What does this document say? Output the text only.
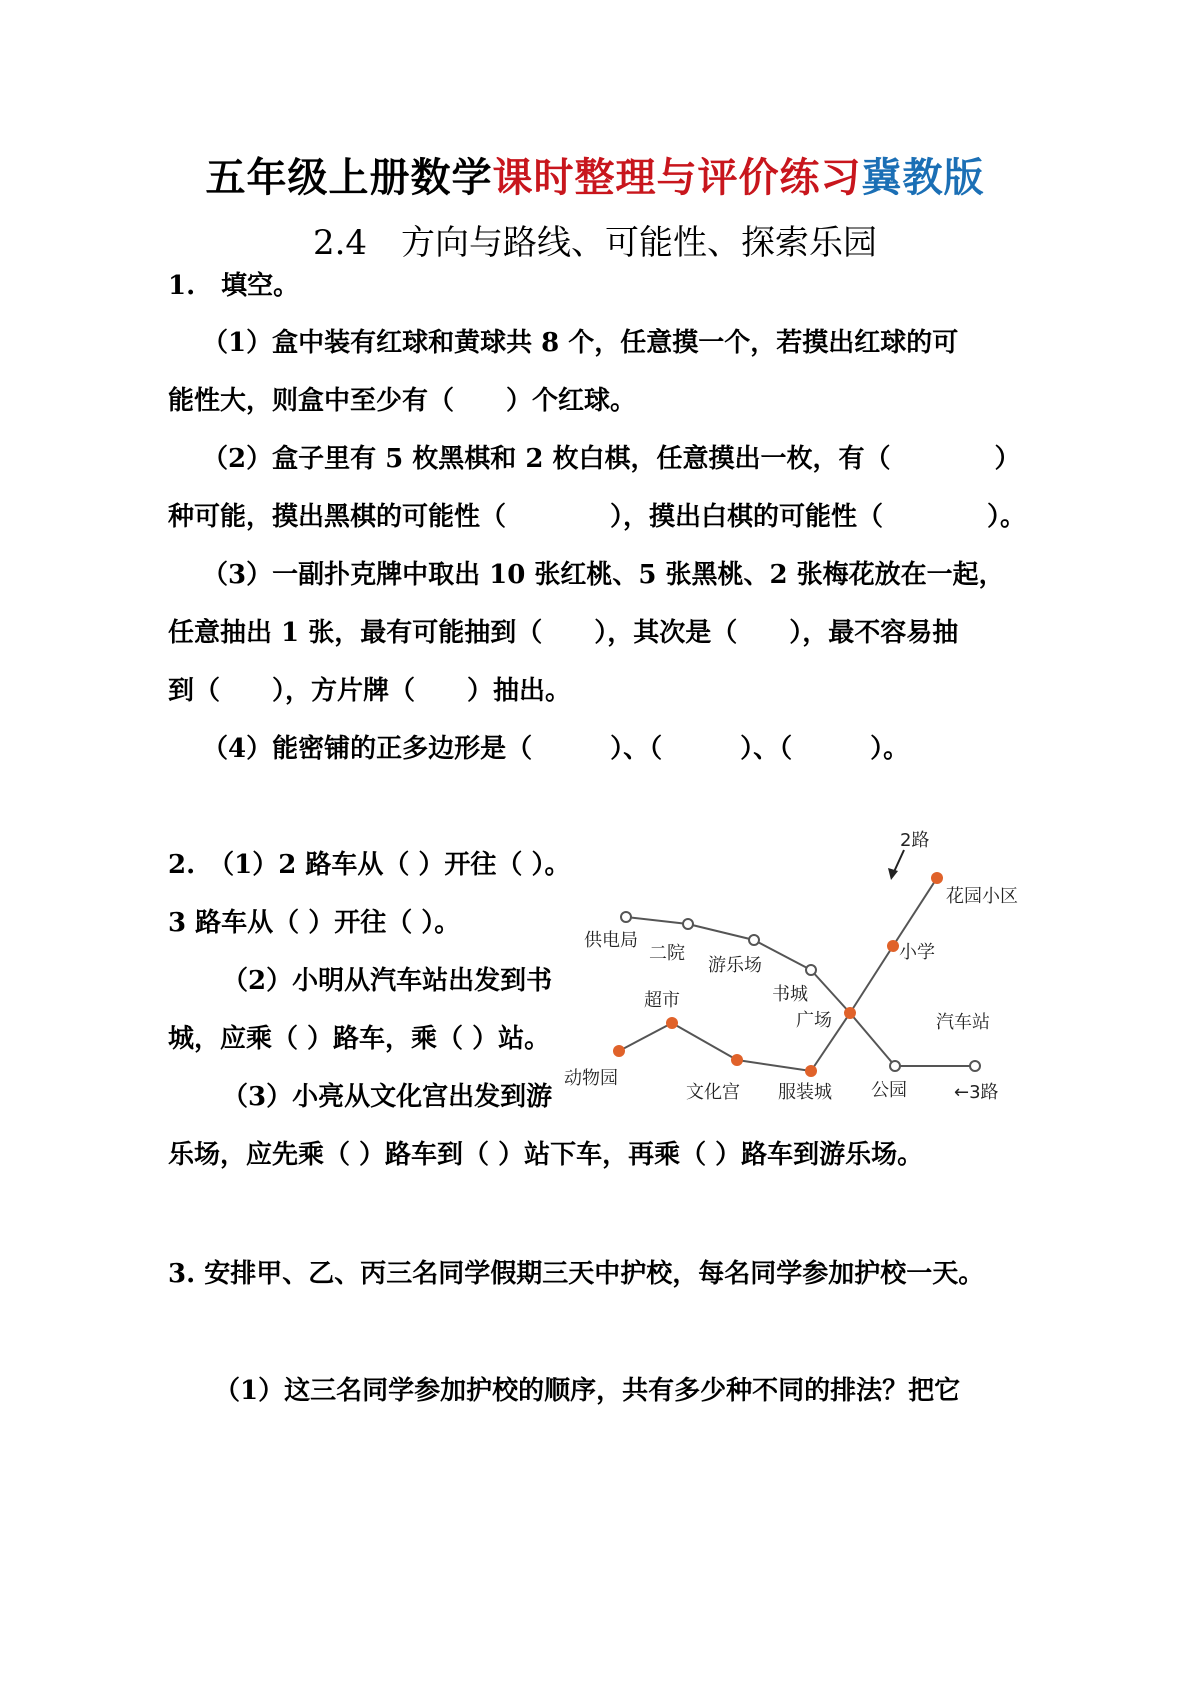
五年级上册数学课时整理与评价练习冀教版
2.4　方向与路线、可能性、探索乐园
1.　填空。
（1）盒中装有红球和黄球共 8 个，任意摸一个，若摸出红球的可
能性大，则盒中至少有（　　）个红球。
（2）盒子里有 5 枚黑棋和 2 枚白棋，任意摸出一枚，有（　　　　）
种可能，摸出黑棋的可能性（　　　　），摸出白棋的可能性（　　　　）。
（3）一副扑克牌中取出 10 张红桃、5 张黑桃、2 张梅花放在一起，
任意抽出 1 张，最有可能抽到（　　），其次是（　　），最不容易抽
到（　　），方片牌（　　）抽出。
（4）能密铺的正多边形是（　　　）、（　　　）、（　　　）。
2.　（1）2 路车从（ ）开往（ ）。
3 路车从（ ）开往（ ）。
（2）小明从汽车站出发到书
城，应乘（ ）路车，乘（ ）站。
（3）小亮从文化宫出发到游
乐场，应先乘（ ）路车到（ ）站下车，再乘（ ）路车到游乐场。
2路
花园小区
小学
广场
服装城
文化宫
超市
动物园
供电局
二院
游乐场
书城
公园
汽车站
←3路
3. 安排甲、乙、丙三名同学假期三天中护校，每名同学参加护校一天。
（1）这三名同学参加护校的顺序，共有多少种不同的排法？把它
